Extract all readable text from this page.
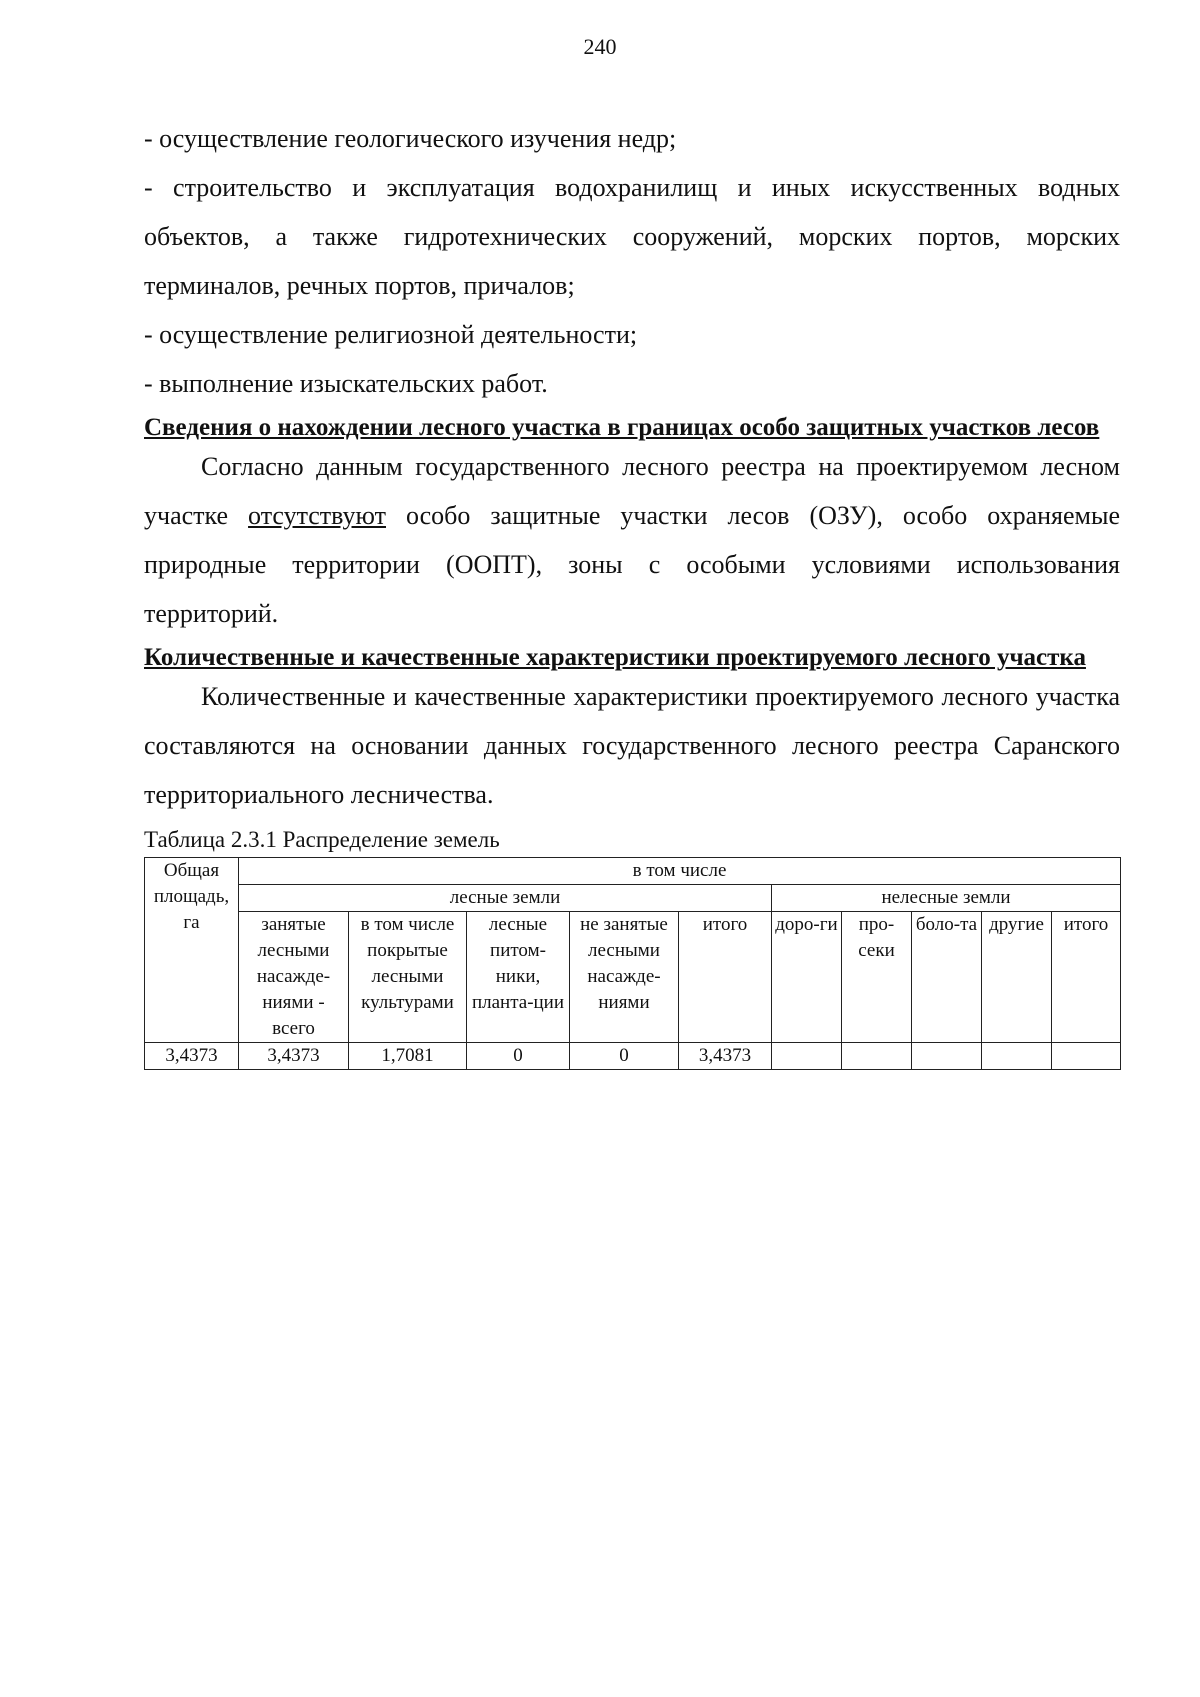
240

- осуществление геологического изучения недр;

- строительство и эксплуатация водохранилищ и иных искусственных водных объектов, а также гидротехнических сооружений, морских портов, морских терминалов, речных портов, причалов;

- осуществление религиозной деятельности;

- выполнение изыскательских работ.

Сведения о нахождении лесного участка в границах особо защитных участков лесов

Согласно данным государственного лесного реестра на проектируемом лесном участке отсутствуют особо защитные участки лесов (ОЗУ), особо охраняемые природные территории (ООПТ), зоны с особыми условиями использования территорий.

Количественные и качественные характеристики проектируемого лесного участка

Количественные и качественные характеристики проектируемого лесного участка составляются на основании данных государственного лесного реестра Саранского территориального лесничества.

Таблица 2.3.1 Распределение земель

Общая площадь, га	в том числе									
	лесные земли					нелесные земли				
	занятые лесными насажде-ниями - всего	в том числе покрытые лесными культурами	лесные питом-ники, планта-ции	не занятые лесными насажде-ниями	итого	доро-ги	про-секи	боло-та	другие	итого
3,4373	3,4373	1,7081	0	0	3,4373					
